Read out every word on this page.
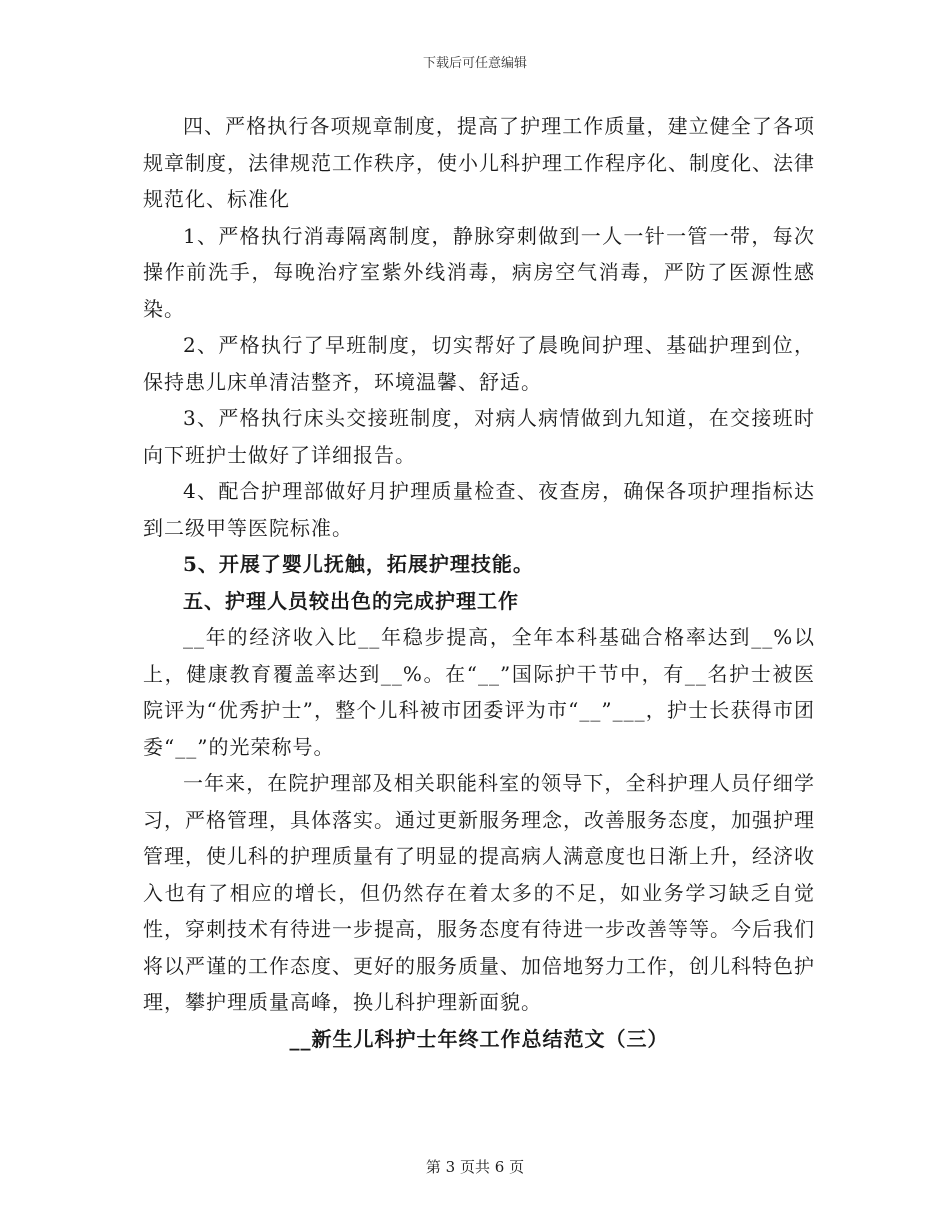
下载后可任意编辑

四、严格执行各项规章制度，提高了护理工作质量，建立健全了各项规章制度，法律规范工作秩序，使小儿科护理工作程序化、制度化、法律规范化、标准化

1、严格执行消毒隔离制度，静脉穿刺做到一人一针一管一带，每次操作前洗手，每晚治疗室紫外线消毒，病房空气消毒，严防了医源性感染。

2、严格执行了早班制度，切实帮好了晨晚间护理、基础护理到位，保持患儿床单清洁整齐，环境温馨、舒适。

3、严格执行床头交接班制度，对病人病情做到九知道，在交接班时向下班护士做好了详细报告。

4、配合护理部做好月护理质量检查、夜查房，确保各项护理指标达到二级甲等医院标准。

5、开展了婴儿抚触，拓展护理技能。

五、护理人员较出色的完成护理工作

__年的经济收入比__年稳步提高，全年本科基础合格率达到__%以上，健康教育覆盖率达到__%。在“__”国际护干节中，有__名护士被医院评为“优秀护士”，整个儿科被市团委评为市“__”___，护士长获得市团委“__”的光荣称号。

一年来，在院护理部及相关职能科室的领导下，全科护理人员仔细学习，严格管理，具体落实。通过更新服务理念，改善服务态度，加强护理管理，使儿科的护理质量有了明显的提高病人满意度也日渐上升，经济收入也有了相应的增长，但仍然存在着太多的不足，如业务学习缺乏自觉性，穿刺技术有待进一步提高，服务态度有待进一步改善等等。今后我们将以严谨的工作态度、更好的服务质量、加倍地努力工作，创儿科特色护理，攀护理质量高峰，换儿科护理新面貌。

__新生儿科护士年终工作总结范文（三）

第 3 页共 6 页
